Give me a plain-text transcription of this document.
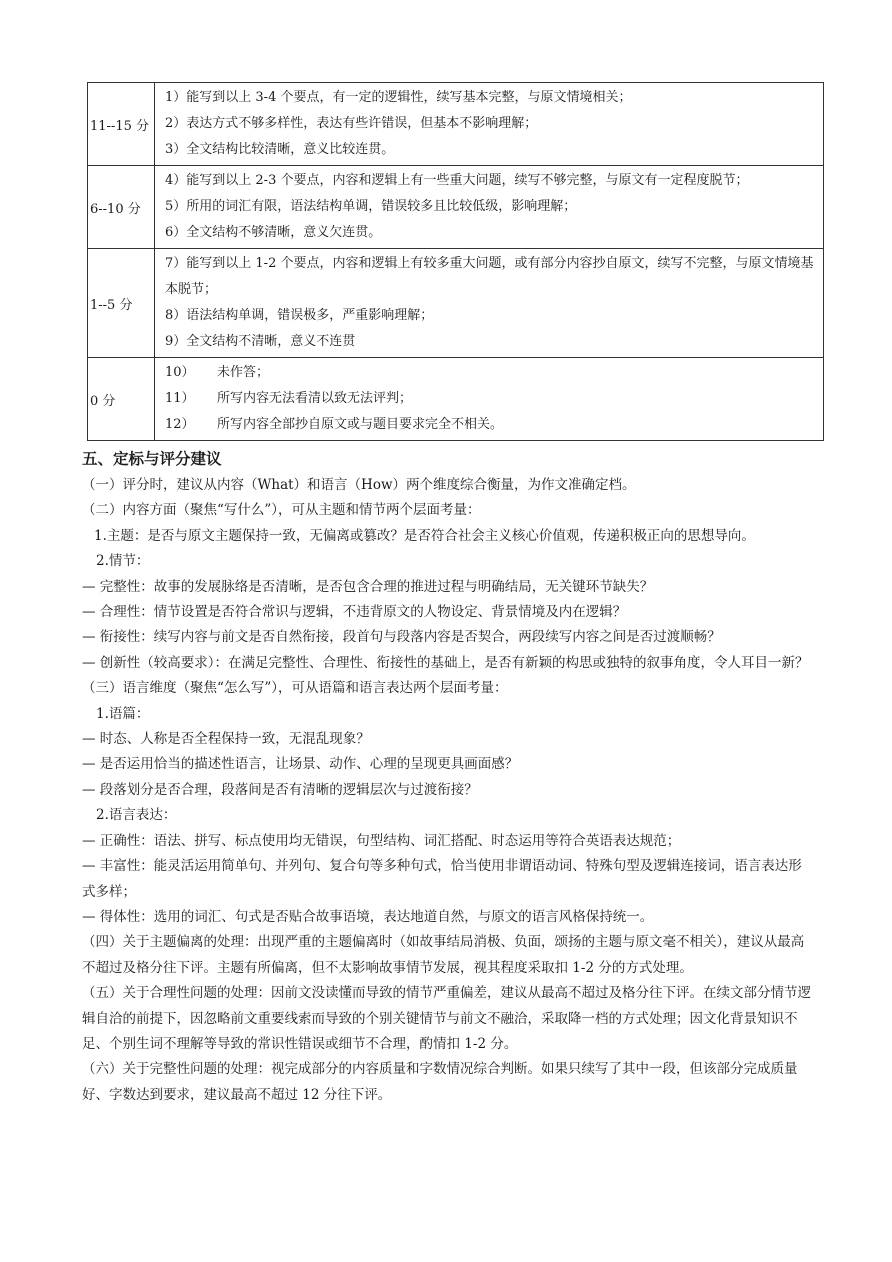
11--15 分	1）能写到以上 3-4 个要点，有一定的逻辑性，续写基本完整，与原文情境相关；
2）表达方式不够多样性，表达有些许错误，但基本不影响理解；
3）全文结构比较清晰，意义比较连贯。

6--10 分	4）能写到以上 2-3 个要点，内容和逻辑上有一些重大问题，续写不够完整，与原文有一定程度脱节；
5）所用的词汇有限，语法结构单调，错误较多且比较低级，影响理解；
6）全文结构不够清晰，意义欠连贯。

1--5 分	7）能写到以上 1-2 个要点，内容和逻辑上有较多重大问题，或有部分内容抄自原文，续写不完整，与原文情境基本脱节；
8）语法结构单调，错误极多，严重影响理解；
9）全文结构不清晰，意义不连贯

0 分	10） 未作答；
11） 所写内容无法看清以致无法评判；
12） 所写内容全部抄自原文或与题目要求完全不相关。
五、定标与评分建议
（一）评分时，建议从内容（What）和语言（How）两个维度综合衡量，为作文准确定档。
（二）内容方面（聚焦“写什么”），可从主题和情节两个层面考量：
1.主题：是否与原文主题保持一致，无偏离或篡改？是否符合社会主义核心价值观，传递积极正向的思想导向。
2.情节：
— 完整性：故事的发展脉络是否清晰，是否包含合理的推进过程与明确结局，无关键环节缺失？
— 合理性：情节设置是否符合常识与逻辑，不违背原文的人物设定、背景情境及内在逻辑？
— 衔接性：续写内容与前文是否自然衔接，段首句与段落内容是否契合，两段续写内容之间是否过渡顺畅？
— 创新性（较高要求）：在满足完整性、合理性、衔接性的基础上，是否有新颖的构思或独特的叙事角度，令人耳目一新？
（三）语言维度（聚焦“怎么写”），可从语篇和语言表达两个层面考量：
1.语篇：
— 时态、人称是否全程保持一致，无混乱现象？
— 是否运用恰当的描述性语言，让场景、动作、心理的呈现更具画面感？
— 段落划分是否合理，段落间是否有清晰的逻辑层次与过渡衔接？
2.语言表达：
— 正确性：语法、拼写、标点使用均无错误，句型结构、词汇搭配、时态运用等符合英语表达规范；
— 丰富性：能灵活运用简单句、并列句、复合句等多种句式，恰当使用非谓语动词、特殊句型及逻辑连接词，语言表达形式多样；
— 得体性：选用的词汇、句式是否贴合故事语境，表达地道自然，与原文的语言风格保持统一。
（四）关于主题偏离的处理：出现严重的主题偏离时（如故事结局消极、负面，颂扬的主题与原文毫不相关），建议从最高不超过及格分往下评。主题有所偏离，但不太影响故事情节发展，视其程度采取扣 1-2 分的方式处理。
（五）关于合理性问题的处理：因前文没读懂而导致的情节严重偏差，建议从最高不超过及格分往下评。在续文部分情节逻辑自洽的前提下，因忽略前文重要线索而导致的个别关键情节与前文不融洽，采取降一档的方式处理；因文化背景知识不足、个别生词不理解等导致的常识性错误或细节不合理，酌情扣 1-2 分。
（六）关于完整性问题的处理：视完成部分的内容质量和字数情况综合判断。如果只续写了其中一段，但该部分完成质量好、字数达到要求，建议最高不超过 12 分往下评。
